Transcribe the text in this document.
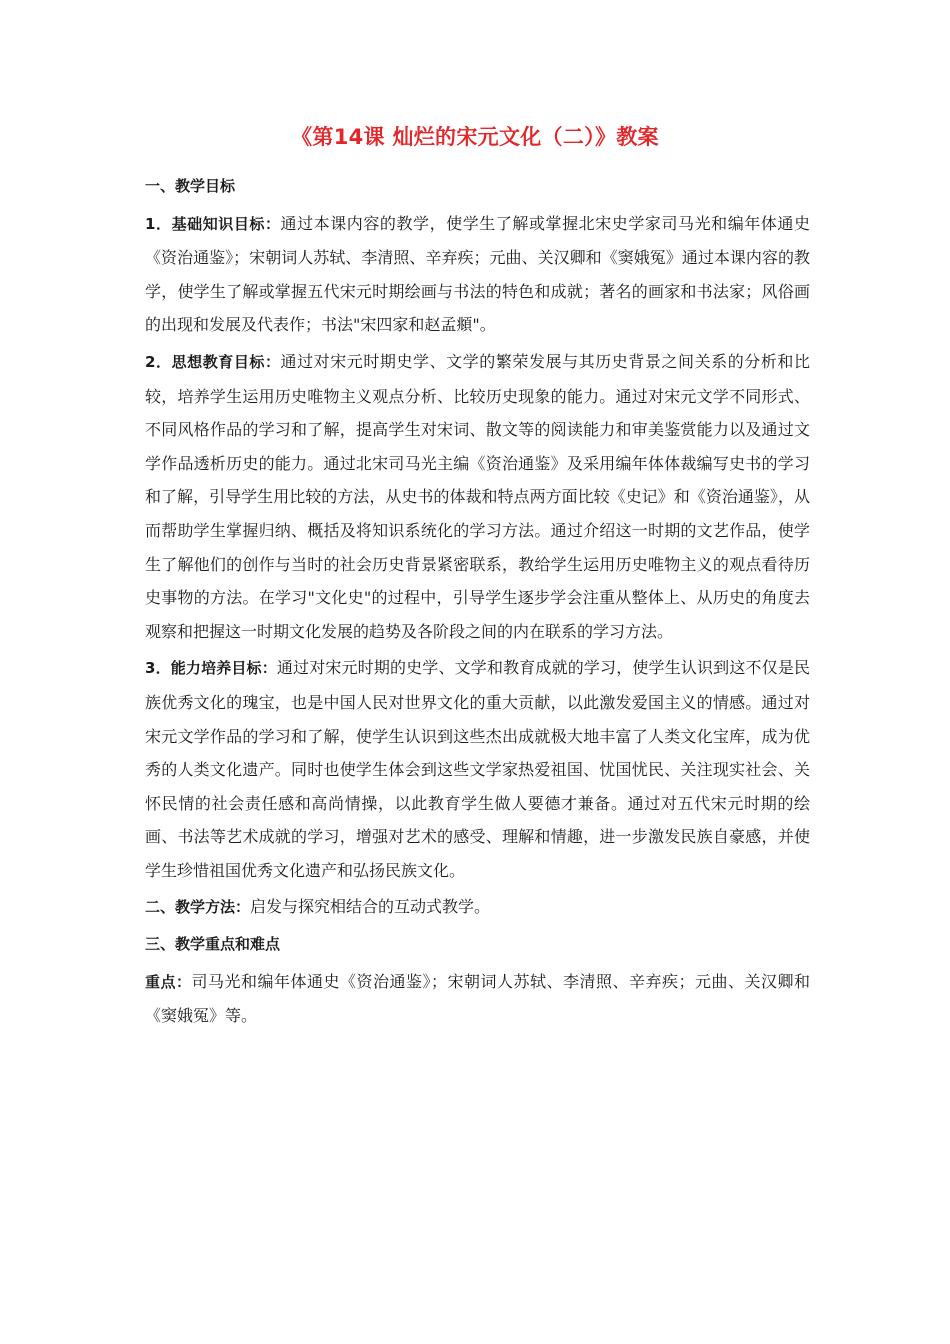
《第14课 灿烂的宋元文化（二）》教案

一、教学目标

1．基础知识目标：通过本课内容的教学，使学生了解或掌握北宋史学家司马光和编年体通史《资治通鉴》；宋朝词人苏轼、李清照、辛弃疾；元曲、关汉卿和《窦娥冤》通过本课内容的教学，使学生了解或掌握五代宋元时期绘画与书法的特色和成就；著名的画家和书法家；风俗画的出现和发展及代表作；书法"宋四家和赵孟頫"。

2．思想教育目标：通过对宋元时期史学、文学的繁荣发展与其历史背景之间关系的分析和比较，培养学生运用历史唯物主义观点分析、比较历史现象的能力。通过对宋元文学不同形式、不同风格作品的学习和了解，提高学生对宋词、散文等的阅读能力和审美鉴赏能力以及通过文学作品透析历史的能力。通过北宋司马光主编《资治通鉴》及采用编年体体裁编写史书的学习和了解，引导学生用比较的方法，从史书的体裁和特点两方面比较《史记》和《资治通鉴》，从而帮助学生掌握归纳、概括及将知识系统化的学习方法。通过介绍这一时期的文艺作品，使学生了解他们的创作与当时的社会历史背景紧密联系，教给学生运用历史唯物主义的观点看待历史事物的方法。在学习"文化史"的过程中，引导学生逐步学会注重从整体上、从历史的角度去观察和把握这一时期文化发展的趋势及各阶段之间的内在联系的学习方法。

3．能力培养目标：通过对宋元时期的史学、文学和教育成就的学习，使学生认识到这不仅是民族优秀文化的瑰宝，也是中国人民对世界文化的重大贡献，以此激发爱国主义的情感。通过对宋元文学作品的学习和了解，使学生认识到这些杰出成就极大地丰富了人类文化宝库，成为优秀的人类文化遗产。同时也使学生体会到这些文学家热爱祖国、忧国忧民、关注现实社会、关怀民情的社会责任感和高尚情操，以此教育学生做人要德才兼备。通过对五代宋元时期的绘画、书法等艺术成就的学习，增强对艺术的感受、理解和情趣，进一步激发民族自豪感，并使学生珍惜祖国优秀文化遗产和弘扬民族文化。

二、教学方法：启发与探究相结合的互动式教学。

三、教学重点和难点

重点：司马光和编年体通史《资治通鉴》；宋朝词人苏轼、李清照、辛弃疾；元曲、关汉卿和《窦娥冤》等。
